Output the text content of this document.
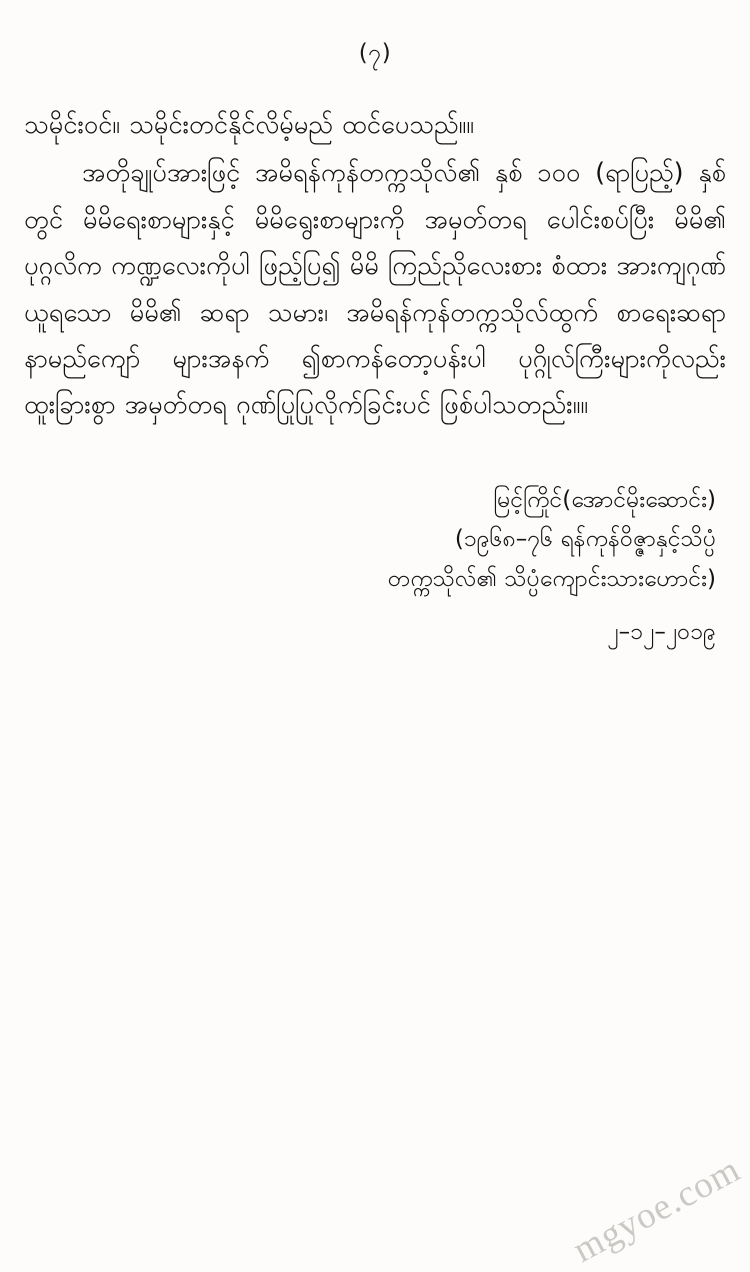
(၇)

သမိုင်းဝင်။ သမိုင်းတင်နိုင်လိမ့်မည် ထင်ပေသည်။။

အတိုချုပ်အားဖြင့် အမိရန်ကုန်တက္ကသိုလ်၏ နှစ် ၁၀၀ (ရာပြည့်) နှစ်တွင် မိမိရေးစာများနှင့် မိမိရွေးစာများကို အမှတ်တရ ပေါင်းစပ်ပြီး မိမိ၏ ပုဂ္ဂလိက ကဏ္ဍလေးကိုပါ ဖြည့်ပြ၍ မိမိ ကြည်ညိုလေးစား စံထား အားကျဂုဏ်ယူရသော မိမိ၏ ဆရာ သမား၊ အမိရန်ကုန်တက္ကသိုလ်ထွက် စာရေးဆရာ နာမည်ကျော် များအနက် ၍စာကန်တော့ပန်းပါ ပုဂ္ဂိုလ်ကြီးများကိုလည်း ထူးခြားစွာ အမှတ်တရ ဂုဏ်ပြုပြုလိုက်ခြင်းပင် ဖြစ်ပါသတည်း။။

မြင့်ကြိုင်(အောင်မိုးဆောင်း)
(၁၉၆၈–၇၆ ရန်ကုန်ဝိဇ္ဇာနှင့်သိပ္ပံ
တက္ကသိုလ်၏ သိပ္ပံကျောင်းသားဟောင်း)
၂–၁၂–၂၀၁၉
mgyoe.com
